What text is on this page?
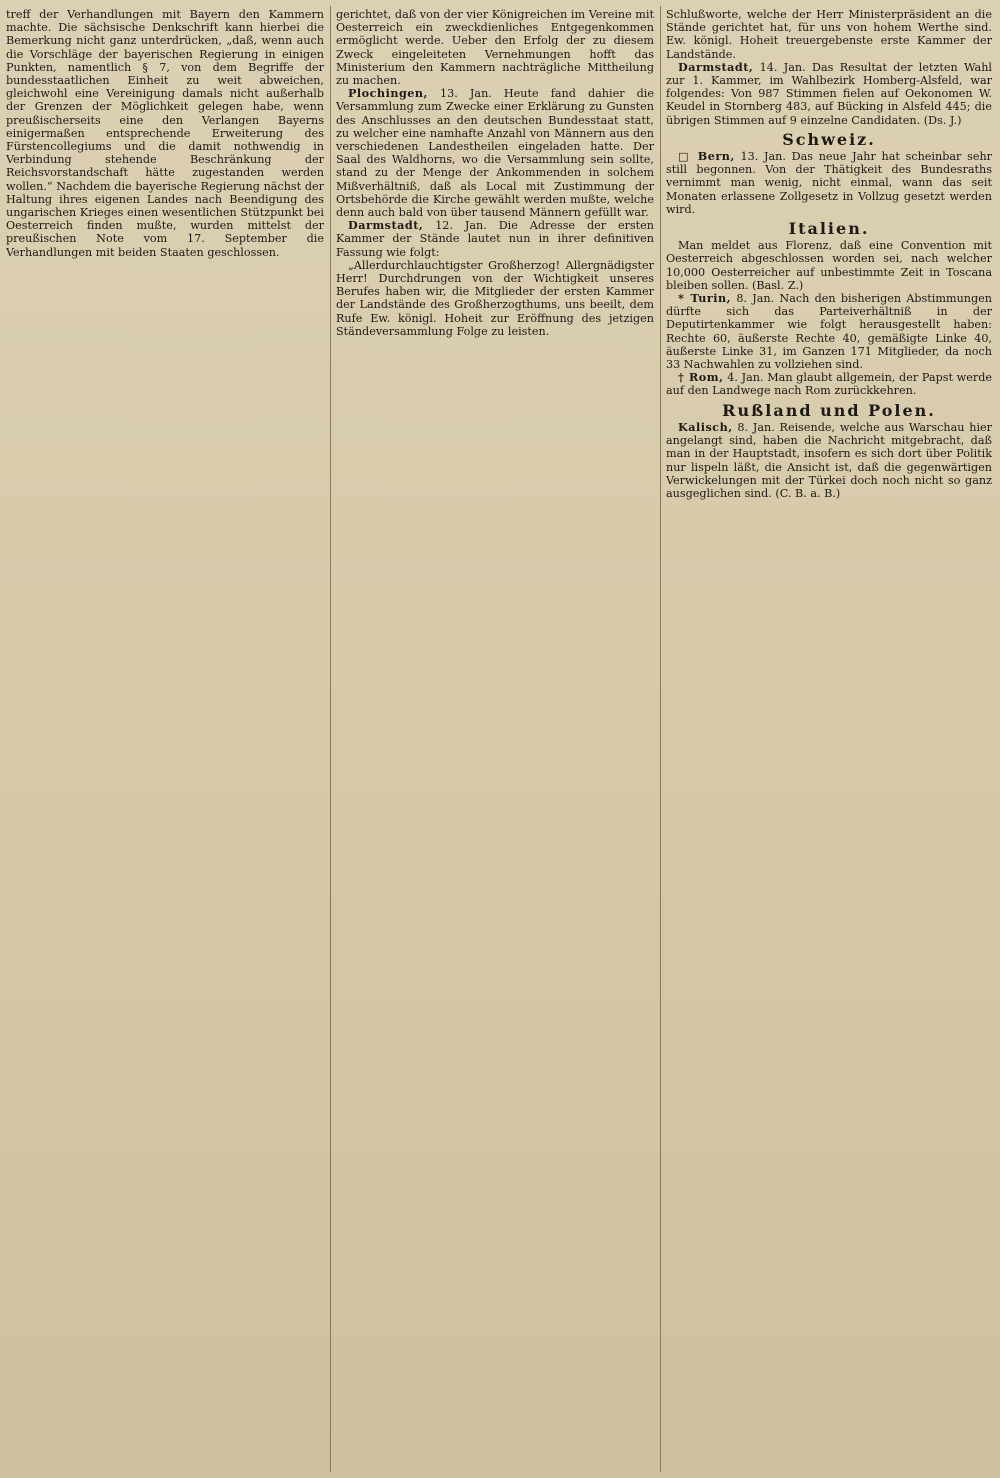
treff der Verhandlungen mit Bayern den Kammern machte. Die sächsische Denkschrift kann hierbei die Bemerkung nicht ganz unterdrücken, „daß, wenn auch die Vorschläge der bayerischen Regierung in einigen Punkten, namentlich § 7, von dem Begriffe der bundesstaatlichen Einheit zu weit abweichen, gleichwohl eine Vereinigung damals nicht außerhalb der Grenzen der Möglichkeit gelegen habe, wenn preußischerseits eine den Verlangen Bayerns einigermaßen entsprechende Erweiterung des Fürstencollegiums und die damit nothwendig in Verbindung stehende Beschränkung der Reichsvorstandschaft hätte zugestanden werden wollen.“ Nachdem die bayerische Regierung nächst der Haltung ihres eigenen Landes nach Beendigung des ungarischen Krieges einen wesentlichen Stützpunkt bei Oesterreich finden mußte, wurden mittelst der preußischen Note vom 17. September die Verhandlungen mit beiden Staaten geschlossen.

gerichtet, daß von der vier Königreichen im Vereine mit Oesterreich ein zweckdienliches Entgegenkommen ermöglicht werde. Ueber den Erfolg der zu diesem Zweck eingeleiteten Vernehmungen hofft das Ministerium den Kammern nachträgliche Mittheilung zu machen.

Plochingen, 13. Jan. Heute fand dahier die Versammlung zum Zwecke einer Erklärung zu Gunsten des Anschlusses an den deutschen Bundesstaat statt, zu welcher eine namhafte Anzahl von Männern aus den verschiedenen Landestheilen eingeladen hatte. Der Saal des Waldhorns, wo die Versammlung sein sollte, stand zu der Menge der Ankommenden in solchem Mißverhältniß, daß als Local mit Zustimmung der Ortsbehörde die Kirche gewählt werden mußte, welche denn auch bald von über tausend Männern gefüllt war.

Darmstadt, 12. Jan. Die Adresse der ersten Kammer der Stände lautet nun in ihrer definitiven Fassung wie folgt:

„Allerdurchlauchtigster Großherzog! Allergnädigster Herr! Durchdrungen von der Wichtigkeit unseres Berufes haben wir, die Mitglieder der ersten Kammer der Landstände des Großherzogthums, uns beeilt, dem Rufe Ew. königl. Hoheit zur Eröffnung des jetzigen Ständeversammlung Folge zu leisten.

Schlußworte, welche der Herr Ministerpräsident an die Stände gerichtet hat, für uns von hohem Werthe sind. Ew. königl. Hoheit treuergebenste erste Kammer der Landstände.

Darmstadt, 14. Jan. Das Resultat der letzten Wahl zur 1. Kammer, im Wahlbezirk Homberg-Alsfeld, war folgendes: Von 987 Stimmen fielen auf Oekonomen W. Keudel in Stornberg 483, auf Bücking in Alsfeld 445; die übrigen Stimmen auf 9 einzelne Candidaten. (Ds. J.)

Schweiz.

□ Bern, 13. Jan. Das neue Jahr hat scheinbar sehr still begonnen. Von der Thätigkeit des Bundesraths vernimmt man wenig, nicht einmal, wann das seit Monaten erlassene Zollgesetz in Vollzug gesetzt werden wird.

Italien.

Man meldet aus Florenz, daß eine Convention mit Oesterreich abgeschlossen worden sei, nach welcher 10,000 Oesterreicher auf unbestimmte Zeit in Toscana bleiben sollen. (Basl. Z.)

* Turin, 8. Jan. Nach den bisherigen Abstimmungen dürfte sich das Parteiverhältniß in der Deputirtenkammer wie folgt herausgestellt haben: Rechte 60, äußerste Rechte 40, gemäßigte Linke 40, äußerste Linke 31, im Ganzen 171 Mitglieder, da noch 33 Nachwahlen zu vollziehen sind.

† Rom, 4. Jan. Man glaubt allgemein, der Papst werde auf den Landwege nach Rom zurückkehren.

Rußland und Polen.

Kalisch, 8. Jan. Reisende, welche aus Warschau hier angelangt sind, haben die Nachricht mitgebracht, daß man in der Hauptstadt, insofern es sich dort über Politik nur lispeln läßt, die Ansicht ist, daß die gegenwärtigen Verwickelungen mit der Türkei doch noch nicht so ganz ausgeglichen sind. (C. B. a. B.)
